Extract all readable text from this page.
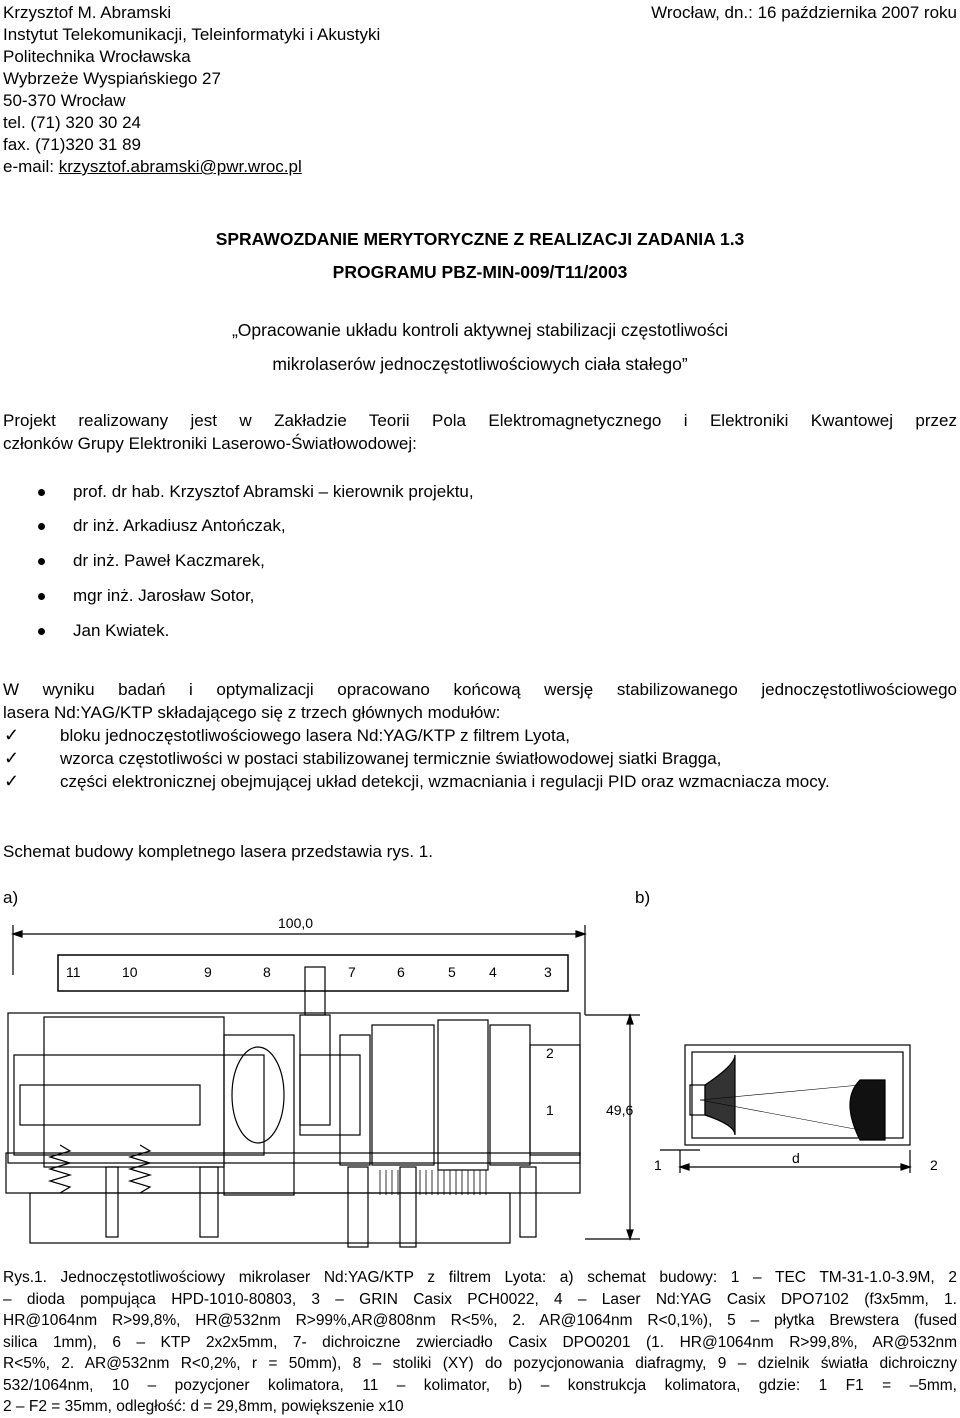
Krzysztof M. Abramski
Instytut Telekomunikacji, Teleinformatyki i Akustyki
Politechnika Wrocławska
Wybrzeże Wyspiańskiego 27
50-370 Wrocław
tel. (71) 320 30 24
fax. (71)320 31 89
e-mail: krzysztof.abramski@pwr.wroc.pl
Wrocław, dn.: 16 października 2007 roku
SPRAWOZDANIE MERYTORYCZNE Z REALIZACJI ZADANIA 1.3
PROGRAMU PBZ-MIN-009/T11/2003
„Opracowanie układu kontroli aktywnej stabilizacji częstotliwości
mikrolaserów jednoczęstotliwościowych ciała stałego”
Projekt realizowany jest w Zakładzie Teorii Pola Elektromagnetycznego i Elektroniki Kwantowej przez
członków Grupy Elektroniki Laserowo-Światłowodowej:
prof. dr hab. Krzysztof Abramski – kierownik projektu,
dr inż. Arkadiusz Antończak,
dr inż. Paweł Kaczmarek,
mgr inż. Jarosław Sotor,
Jan Kwiatek.
W wyniku badań i optymalizacji opracowano końcową wersję stabilizowanego jednoczęstotliwościowego
lasera Nd:YAG/KTP składającego się z trzech głównych modułów:
✓ bloku jednoczęstotliwościowego lasera Nd:YAG/KTP z filtrem Lyota,
✓ wzorca częstotliwości w postaci stabilizowanej termicznie światłowodowej siatki Bragga,
✓ części elektronicznej obejmującej układ detekcji, wzmacniania i regulacji PID oraz wzmacniacza mocy.
Schemat budowy kompletnego lasera przedstawia rys. 1.
a)	b)
100,0
11	10	9	8	7	6	5 4	3
2
1	49,6
1	d	2
Rys.1. Jednoczęstotliwościowy mikrolaser Nd:YAG/KTP z filtrem Lyota: a) schemat budowy: 1 – TEC TM-31-1.0-3.9M, 2
– dioda pompująca HPD-1010-80803, 3 – GRIN Casix PCH0022, 4 – Laser Nd:YAG Casix DPO7102 (f3x5mm, 1.
HR@1064nm R>99,8%, HR@532nm R>99%,AR@808nm R<5%, 2. AR@1064nm R<0,1%), 5 – płytka Brewstera (fused
silica 1mm), 6 – KTP 2x2x5mm, 7- dichroiczne zwierciadło Casix DPO0201 (1. HR@1064nm R>99,8%, AR@532nm
R<5%, 2. AR@532nm R<0,2%, r = 50mm), 8 – stoliki (XY) do pozycjonowania diafragmy, 9 – dzielnik światła dichroiczny
532/1064nm, 10 – pozycjoner kolimatora, 11 – kolimator, b) – konstrukcja kolimatora, gdzie: 1 F1 = –5mm,
2 – F2 = 35mm, odległość: d = 29,8mm, powiększenie x10
